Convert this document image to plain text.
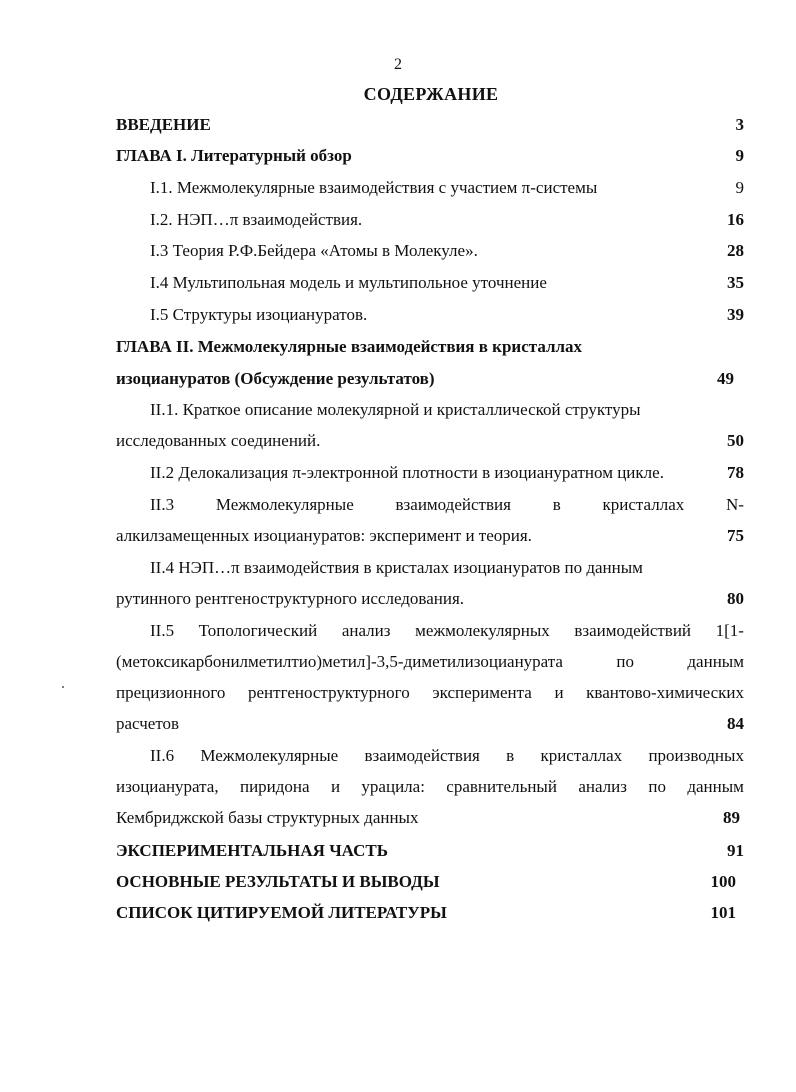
2
СОДЕРЖАНИЕ
ВВЕДЕНИЕ	3
ГЛАВА I. Литературный обзор	9
I.1. Межмолекулярные взаимодействия с участием π-системы	9
I.2. НЭП…π взаимодействия.	16
I.3 Теория Р.Ф.Бейдера «Атомы в Молекуле».	28
I.4 Мультипольная модель и мультипольное уточнение	35
I.5 Структуры изоциануратов.	39
ГЛАВА II. Межмолекулярные взаимодействия в кристаллах
изоциануратов (Обсуждение результатов)	49
II.1. Краткое описание молекулярной и кристаллической структуры
исследованных соединений.	50
II.2 Делокализация π-электронной плотности в изоциануратном цикле.	78
II.3 Межмолекулярные взаимодействия в кристаллах N-
алкилзамещенных изоциануратов: эксперимент и теория.	75
II.4 НЭП…π взаимодействия в кристалах изоциануратов по данным
рутинного рентгеноструктурного исследования.	80
II.5 Топологический анализ межмолекулярных взаимодействий 1[1-
(метоксикарбонилметилтио)метил]-3,5-диметилизоцианурата	по	данным
прецизионного рентгеноструктурного эксперимента и квантово-химических
расчетов	84
II.6 Межмолекулярные взаимодействия в кристаллах производных
изоцианурата, пиридона и урацила: сравнительный анализ по данным
Кембриджской базы структурных данных	89
ЭКСПЕРИМЕНТАЛЬНАЯ ЧАСТЬ	91
ОСНОВНЫЕ РЕЗУЛЬТАТЫ И ВЫВОДЫ	100
СПИСОК ЦИТИРУЕМОЙ ЛИТЕРАТУРЫ	101
